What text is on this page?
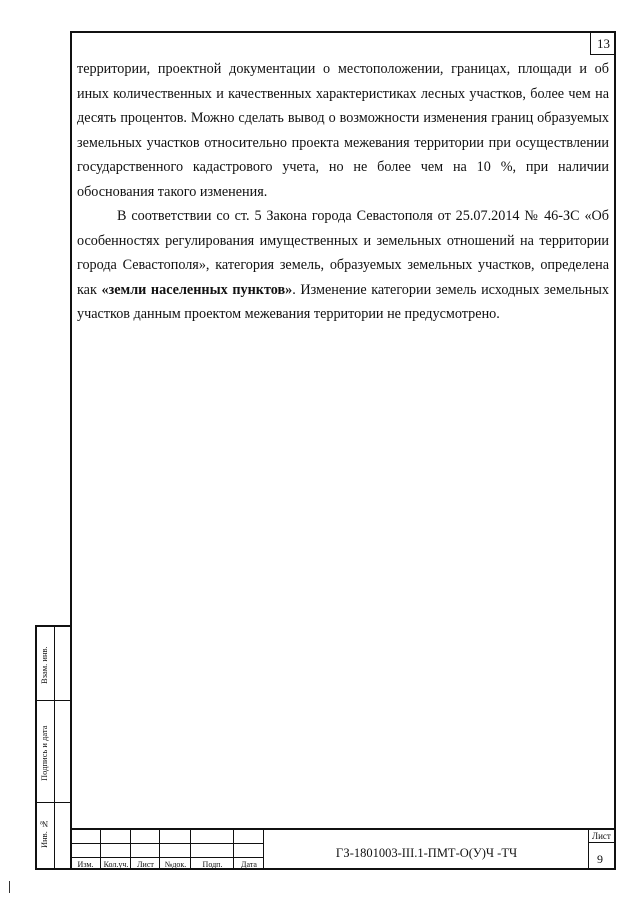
13

территории, проектной документации о местоположении, границах, площади и об иных количественных и качественных характеристиках лесных участков, более чем на десять процентов. Можно сделать вывод о возможности изменения границ образуемых земельных участков относительно проекта межевания территории при осуществлении государственного кадастрового учета, но не более чем на 10 %, при наличии обоснования такого изменения.

В соответствии со ст. 5 Закона города Севастополя от 25.07.2014 № 46-ЗС «Об особенностях регулирования имущественных и земельных отношений на территории города Севастополя», категория земель, образуемых земельных участков, определена как «земли населенных пунктов». Изменение категории земель исходных земельных участков данным проектом межевания территории не предусмотрено.

Взам. инв.
Подпись и дата
Инв. №
Изм.	Кол.уч.	Лист	№док.	Подп.	Дата
ГЗ-1801003-III.1-ПМТ-О(У)Ч -ТЧ
Лист
9
